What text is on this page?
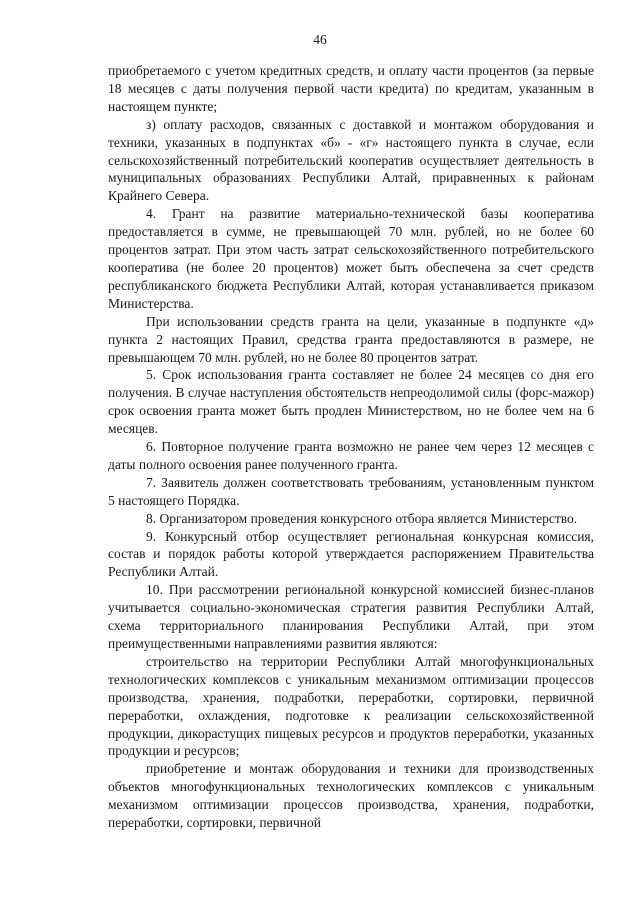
46

приобретаемого с учетом кредитных средств, и оплату части процентов (за первые 18 месяцев с даты получения первой части кредита) по кредитам, указанным в настоящем пункте;

з) оплату расходов, связанных с доставкой и монтажом оборудования и техники, указанных в подпунктах «б» - «г» настоящего пункта в случае, если сельскохозяйственный потребительский кооператив осуществляет деятельность в муниципальных образованиях Республики Алтай, приравненных к районам Крайнего Севера.

4. Грант на развитие материально-технической базы кооператива предоставляется в сумме, не превышающей 70 млн. рублей, но не более 60 процентов затрат. При этом часть затрат сельскохозяйственного потребительского кооператива (не более 20 процентов) может быть обеспечена за счет средств республиканского бюджета Республики Алтай, которая устанавливается приказом Министерства.

При использовании средств гранта на цели, указанные в подпункте «д» пункта 2 настоящих Правил, средства гранта предоставляются в размере, не превышающем 70 млн. рублей, но не более 80 процентов затрат.

5. Срок использования гранта составляет не более 24 месяцев со дня его получения. В случае наступления обстоятельств непреодолимой силы (форс-мажор) срок освоения гранта может быть продлен Министерством, но не более чем на 6 месяцев.

6. Повторное получение гранта возможно не ранее чем через 12 месяцев с даты полного освоения ранее полученного гранта.

7. Заявитель должен соответствовать требованиям, установленным пунктом 5 настоящего Порядка.

8. Организатором проведения конкурсного отбора является Министерство.

9. Конкурсный отбор осуществляет региональная конкурсная комиссия, состав и порядок работы которой утверждается распоряжением Правительства Республики Алтай.

10. При рассмотрении региональной конкурсной комиссией бизнес-планов учитывается социально-экономическая стратегия развития Республики Алтай, схема территориального планирования Республики Алтай, при этом преимущественными направлениями развития являются:

строительство на территории Республики Алтай многофункциональных технологических комплексов с уникальным механизмом оптимизации процессов производства, хранения, подработки, переработки, сортировки, первичной переработки, охлаждения, подготовке к реализации сельскохозяйственной продукции, дикорастущих пищевых ресурсов и продуктов переработки, указанных продукции и ресурсов;

приобретение и монтаж оборудования и техники для производственных объектов многофункциональных технологических комплексов с уникальным механизмом оптимизации процессов производства, хранения, подработки, переработки, сортировки, первичной
